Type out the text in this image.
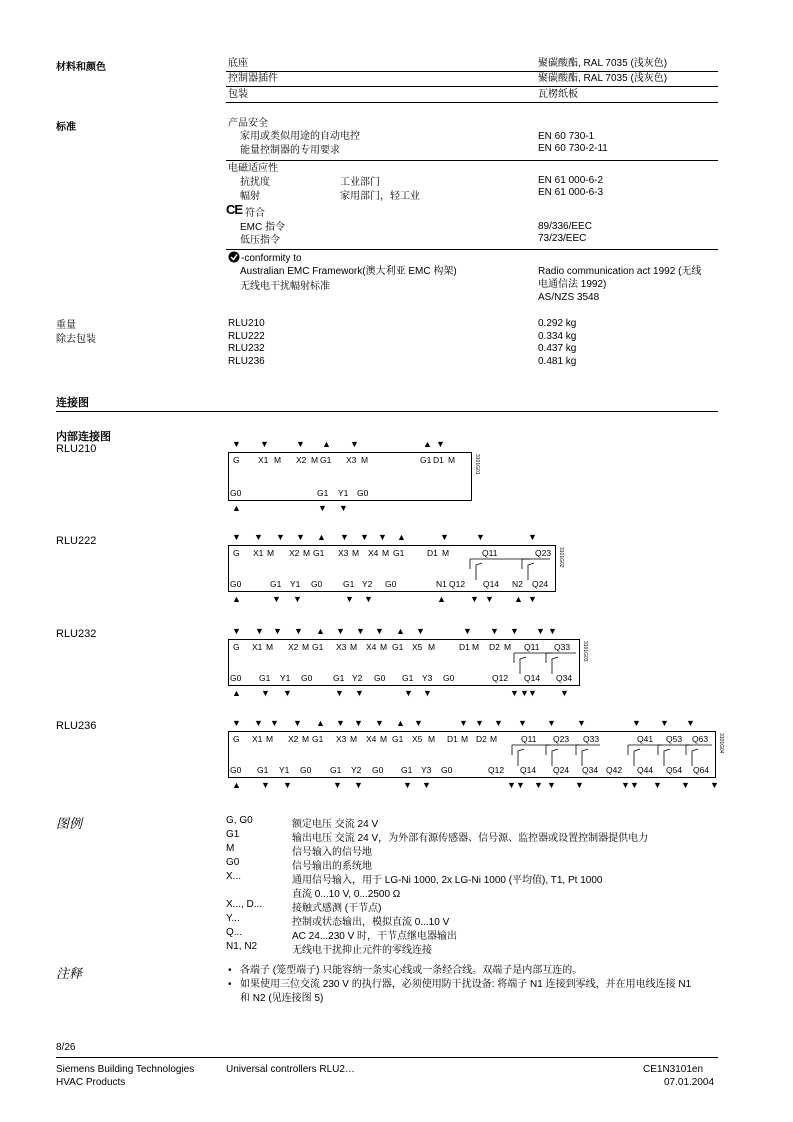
材料和颜色	底座	聚碳酸酯, RAL 7035 (浅灰色)
控制器插件	聚碳酸酯, RAL 7035 (浅灰色)
包装	瓦楞纸板
标准	产品安全
家用或类似用途的自动电控	EN 60 730-1
能量控制器的专用要求	EN 60 730-2-11
电磁适应性
抗扰度	工业部门	EN 61 000-6-2
幅射	家用部门，轻工业	EN 61 000-6-3
CE 符合
EMC 指令	89/336/EEC
低压指令	73/23/EEC
-conformity to
Australian EMC Framework(澳大利亚 EMC 构架)	Radio communication act 1992 (无线
电通信法 1992)
无线电干扰幅射标准
AS/NZS 3548
重量
除去包装
RLU210	0.292 kg
RLU222	0.334 kg
RLU232	0.437 kg
RLU236	0.481 kg
连接图
内部连接图
RLU210
RLU222
RLU232
RLU236
G X1 M X2 M G1 X3 M	G1 D1 M
G0	G1 Y1 G0
▼ ▼	▼ ▲ ▼	▲ ▼
▲	▼ ▼
3101G01
G X1 M X2 M G1 X3 M X4 M G1	D1 M	Q11	Q23
G0	G1 Y1 G0 G1 Y2 G0	N1 Q12 Q14 N2 Q24
▼ ▼ ▼ ▼ ▲ ▼ ▼ ▼ ▲	▼	▼	▼
▲	▼ ▼	▼ ▼	▲	▼ ▼ ▲ ▼
3101G02
G X1 M X2 M G1 X3 M X4 M G1 X5 M	D1 M D2 M Q11 Q33
G0 G1 Y1 G0 G1 Y2 G0 G1 Y3 G0	Q12 Q14 Q34
▼ ▼ ▼ ▼ ▲ ▼ ▼ ▼ ▲ ▼	▼ ▼ ▼ ▼ ▼
▲ ▼ ▼	▼ ▼	▼ ▼	▼ ▼ ▼	▼
3101G03
G X1 M X2 M G1 X3 M X4 M G1 X5 M D1 M D2 M	Q11 Q23 Q33	Q41 Q53 Q63
G0 G1 Y1 G0 G1 Y2 G0 G1 Y3 G0	Q12 Q14 Q24 Q34 Q42 Q44 Q54 Q64
▼ ▼ ▼ ▼ ▲ ▼ ▼ ▼ ▲ ▼	▼ ▼ ▼ ▼ ▼ ▼	▼ ▼ ▼
▲ ▼ ▼	▼ ▼	▼ ▼	▼ ▼ ▼ ▼ ▼	▼ ▼ ▼ ▼ ▼
3101G04
图例	G, G0	额定电压 交流 24 V
G1	输出电压 交流 24 V，为外部有源传感器、信号源、监控器或设置控制器提供电力
M	信号输入的信号地
G0	信号输出的系统地
X...	通用信号输入，用于 LG-Ni 1000, 2x LG-Ni 1000 (平均值), T1, Pt 1000
直流 0...10 V, 0...2500 Ω
X..., D...	接触式感测 (干节点)
Y...	控制或状态输出，模拟直流 0...10 V
Q...	AC 24...230 V 时，干节点继电器输出
N1, N2	无线电干扰抑止元件的零线连接
注释	• 各端子 (笼型端子) 只能容纳一条实心线或一条经合线。双端子是内部互连的。
• 如果使用三位交流 230 V 的执行器，必须使用防干扰设备: 将端子 N1 连接到零线，并在用电线连接 N1
和 N2 (见连接图 5)
8/26
Siemens Building Technologies
HVAC Products
Universal controllers RLU2…	CE1N3101en
07.01.2004
